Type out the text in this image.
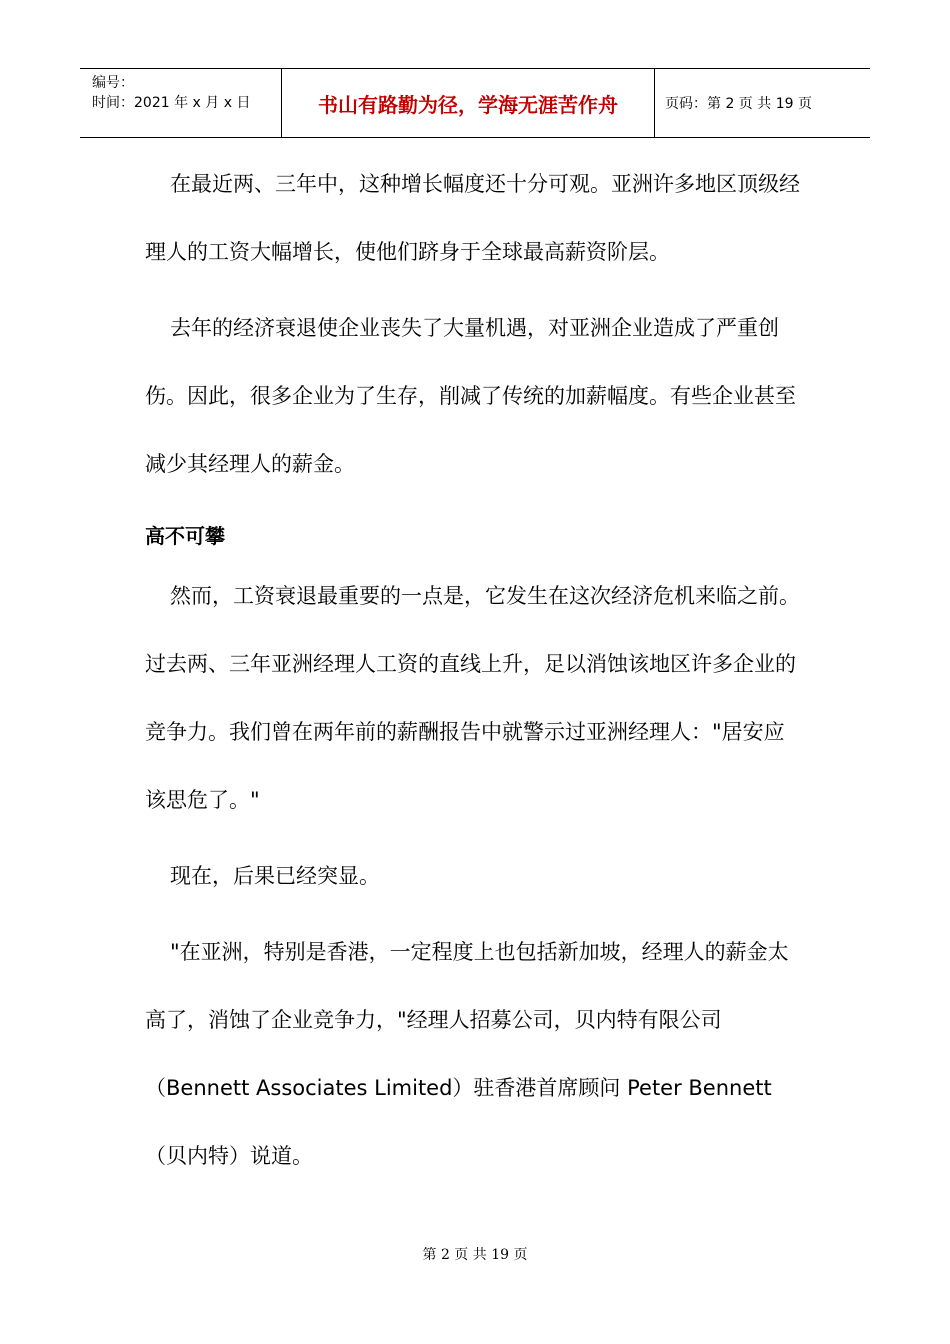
编号：
时间：2021 年 x 月 x 日	书山有路勤为径，学海无涯苦作舟	页码：第 2 页 共 19 页

在最近两、三年中，这种增长幅度还十分可观。亚洲许多地区顶级经理人的工资大幅增长，使他们跻身于全球最高薪资阶层。

去年的经济衰退使企业丧失了大量机遇，对亚洲企业造成了严重创伤。因此，很多企业为了生存，削减了传统的加薪幅度。有些企业甚至减少其经理人的薪金。

高不可攀

然而，工资衰退最重要的一点是，它发生在这次经济危机来临之前。过去两、三年亚洲经理人工资的直线上升，足以消蚀该地区许多企业的竞争力。我们曾在两年前的薪酬报告中就警示过亚洲经理人："居安应该思危了。"

现在，后果已经突显。

"在亚洲，特别是香港，一定程度上也包括新加坡，经理人的薪金太高了，消蚀了企业竞争力，"经理人招募公司，贝内特有限公司（Bennett Associates Limited）驻香港首席顾问 Peter Bennett（贝内特）说道。

第 2 页 共 19 页
